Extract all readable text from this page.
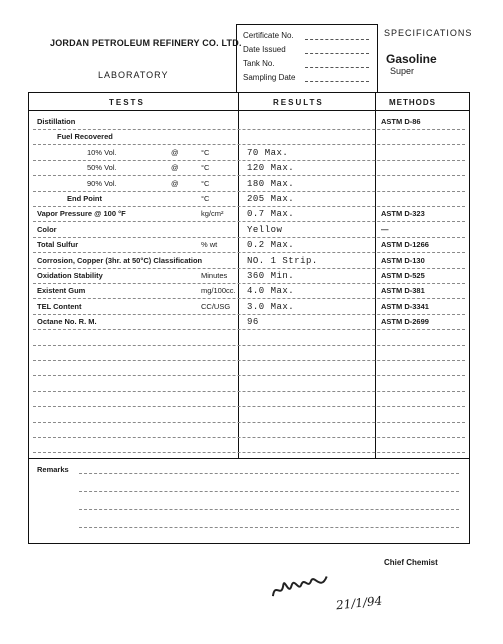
JORDAN PETROLEUM REFINERY CO. LTD.
LABORATORY
Certificate No.
Date Issued
Tank No.
Sampling Date
SPECIFICATIONS
Gasoline
Super
TESTS	RESULTS	METHODS
Distillation	ASTM D-86
Fuel Recovered
10% Vol.	@	°C	70 Max.
50% Vol.	@	°C	120 Max.
90% Vol.	@	°C	180 Max.
End Point	°C	205 Max.
Vapor Pressure @ 100 °F	kg/cm²	0.7 Max.	ASTM D-323
Color	Yellow	—
Total Sulfur	% wt	0.2 Max.	ASTM D-1266
Corrosion, Copper (3hr. at 50°C) Classification	NO. 1 Strip.	ASTM D-130
Oxidation Stability	Minutes 360 Min.	ASTM D-525
Existent Gum	mg/100cc. 4.0 Max.	ASTM D-381
TEL Content	CC/USG 3.0 Max.	ASTM D-3341
Octane No. R. M.	96	ASTM D-2699
Remarks
Chief Chemist
21/1/94
